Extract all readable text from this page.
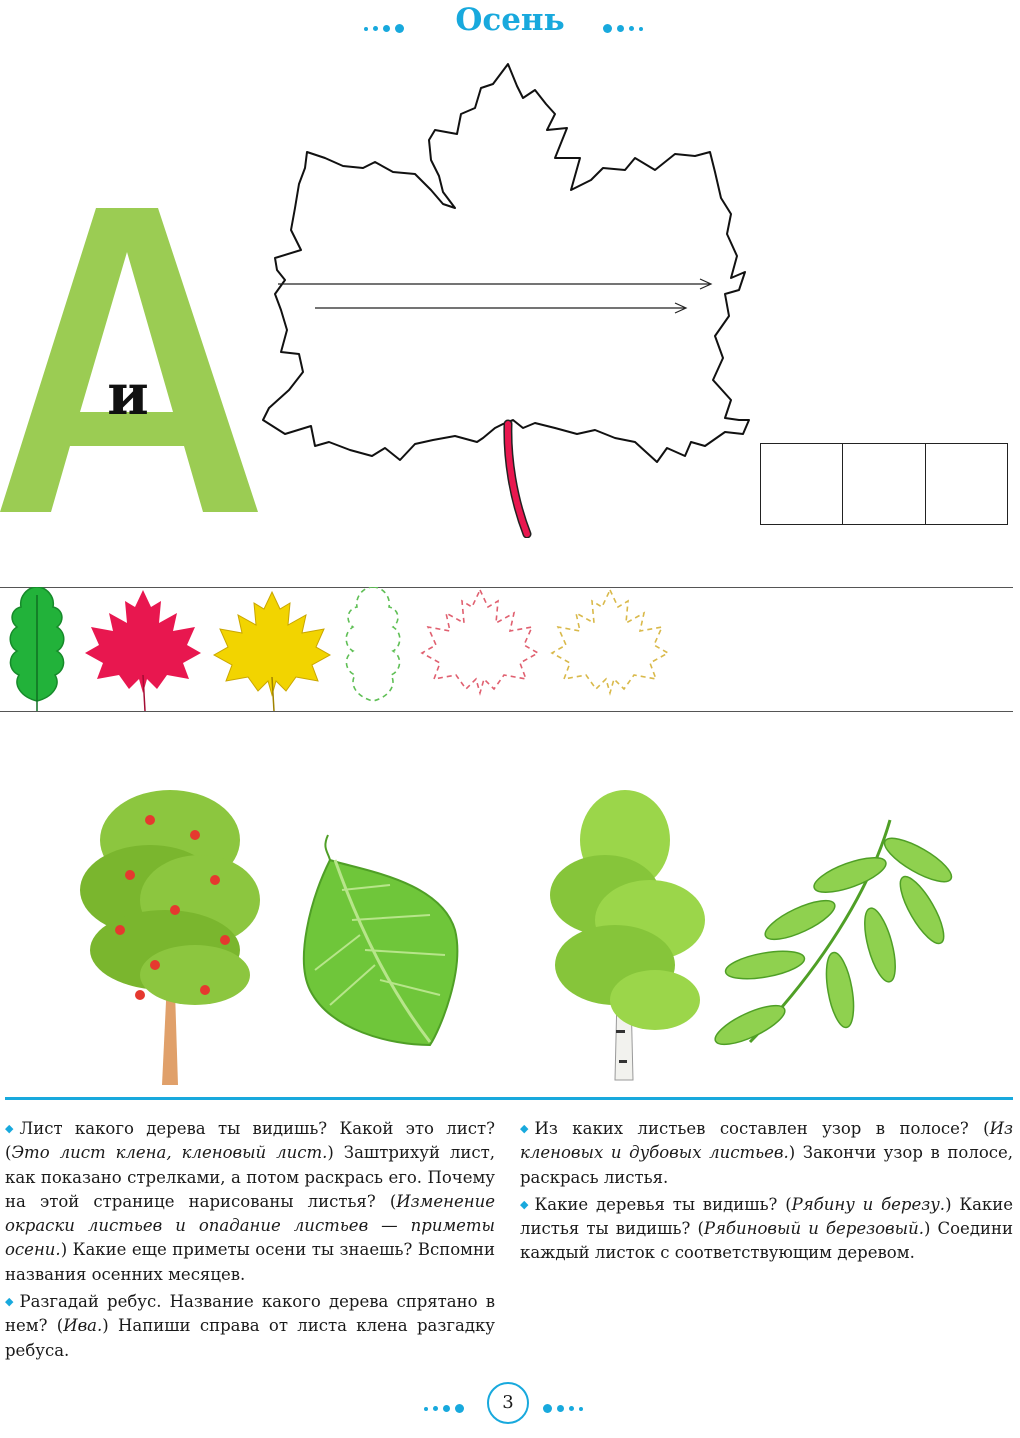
Осень
и

◆ Лист какого дерева ты видишь? Какой это лист? (Это лист клена, кленовый лист.) Заштрихуй лист, как показано стрелками, а потом раскрась его. Почему на этой странице нарисованы листья? (Изменение окраски листьев и опадание листьев — приметы осени.) Какие еще приметы осени ты знаешь? Вспомни названия осенних месяцев.

◆ Разгадай ребус. Название какого дерева спрятано в нем? (Ива.) Напиши справа от листа клена разгадку ребуса.

◆ Из каких листьев составлен узор в полосе? (Из кленовых и дубовых листьев.) Закончи узор в полосе, раскрась листья.

◆ Какие деревья ты видишь? (Рябину и березу.) Какие листья ты видишь? (Рябиновый и березовый.) Соедини каждый листок с соответствующим деревом.

3
